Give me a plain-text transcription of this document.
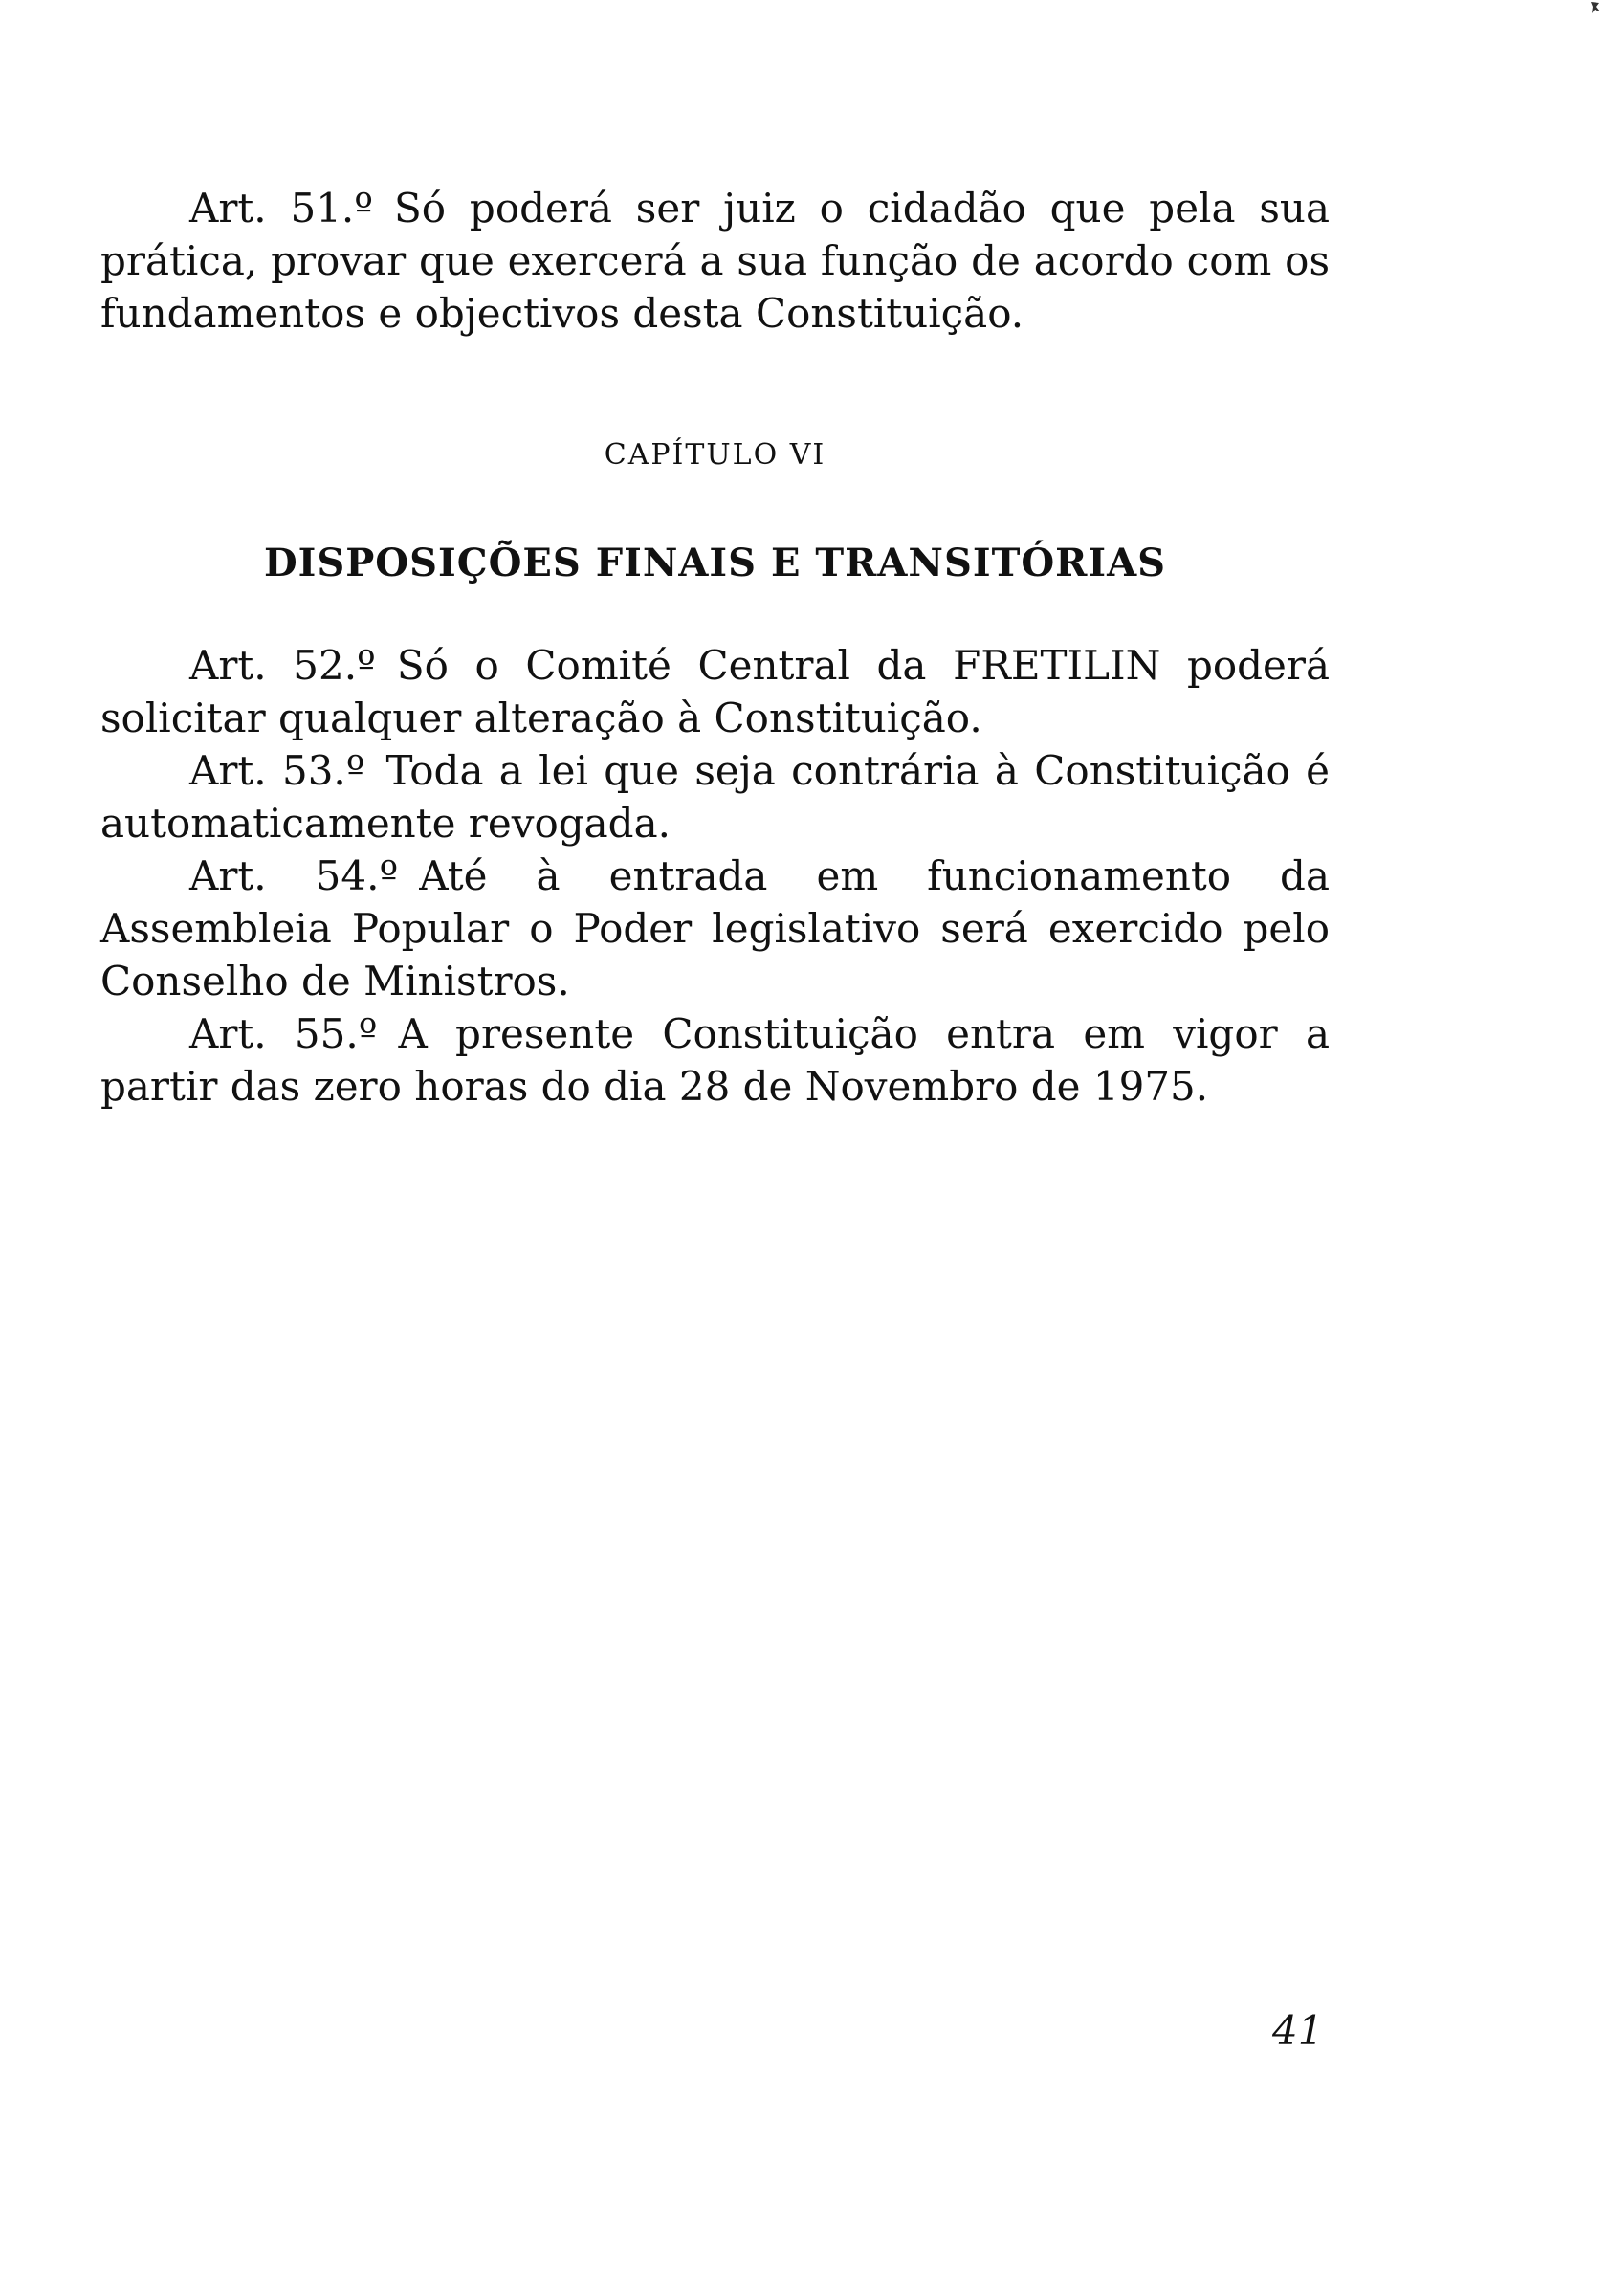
Art. 51.º Só poderá ser juiz o cidadão que pela sua prática, provar que exercerá a sua função de acordo com os fundamentos e objectivos desta Constituição.

CAPÍTULO VI
DISPOSIÇÕES FINAIS E TRANSITÓRIAS

Art. 52.º Só o Comité Central da FRETILIN poderá solicitar qualquer alteração à Constituição.

Art. 53.º Toda a lei que seja contrária à Constituição é automaticamente revogada.

Art. 54.º Até à entrada em funcionamento da Assembleia Popular o Poder legislativo será exercido pelo Conselho de Ministros.

Art. 55.º A presente Constituição entra em vigor a partir das zero horas do dia 28 de Novembro de 1975.

41
